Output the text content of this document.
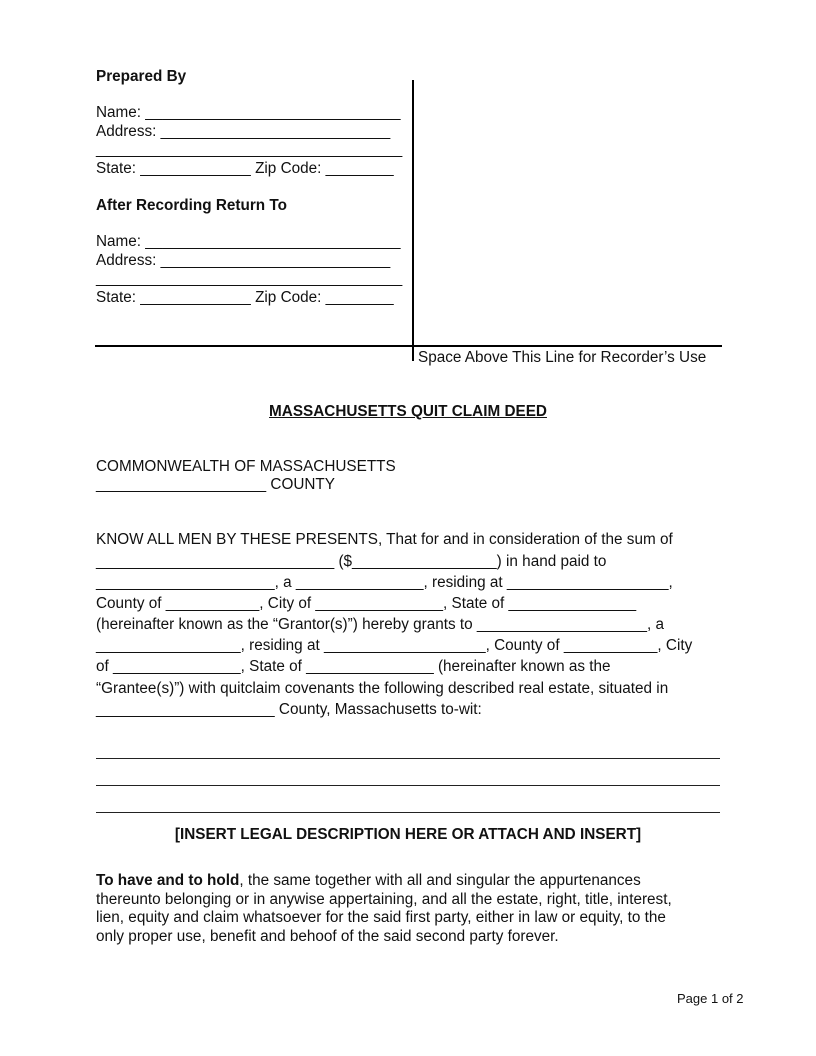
Prepared By
Name: ______________________________
Address: ___________________________
____________________________________
State: _____________ Zip Code: ________
After Recording Return To
Name: ______________________________
Address: ___________________________
____________________________________
State: _____________ Zip Code: ________
Space Above This Line for Recorder’s Use
MASSACHUSETTS QUIT CLAIM DEED
COMMONWEALTH OF MASSACHUSETTS
____________________ COUNTY
KNOW ALL MEN BY THESE PRESENTS, That for and in consideration of the sum of
____________________________ ($_________________) in hand paid to
_____________________, a _______________, residing at ___________________,
County of ___________, City of _______________, State of _______________
(hereinafter known as the “Grantor(s)”) hereby grants to ____________________, a
_________________, residing at ___________________, County of ___________, City
of _______________, State of _______________ (hereinafter known as the
“Grantee(s)”) with quitclaim covenants the following described real estate, situated in
_____________________ County, Massachusetts to-wit:
[INSERT LEGAL DESCRIPTION HERE OR ATTACH AND INSERT]
To have and to hold, the same together with all and singular the appurtenances
thereunto belonging or in anywise appertaining, and all the estate, right, title, interest,
lien, equity and claim whatsoever for the said first party, either in law or equity, to the
only proper use, benefit and behoof of the said second party forever.
Page 1 of 2
